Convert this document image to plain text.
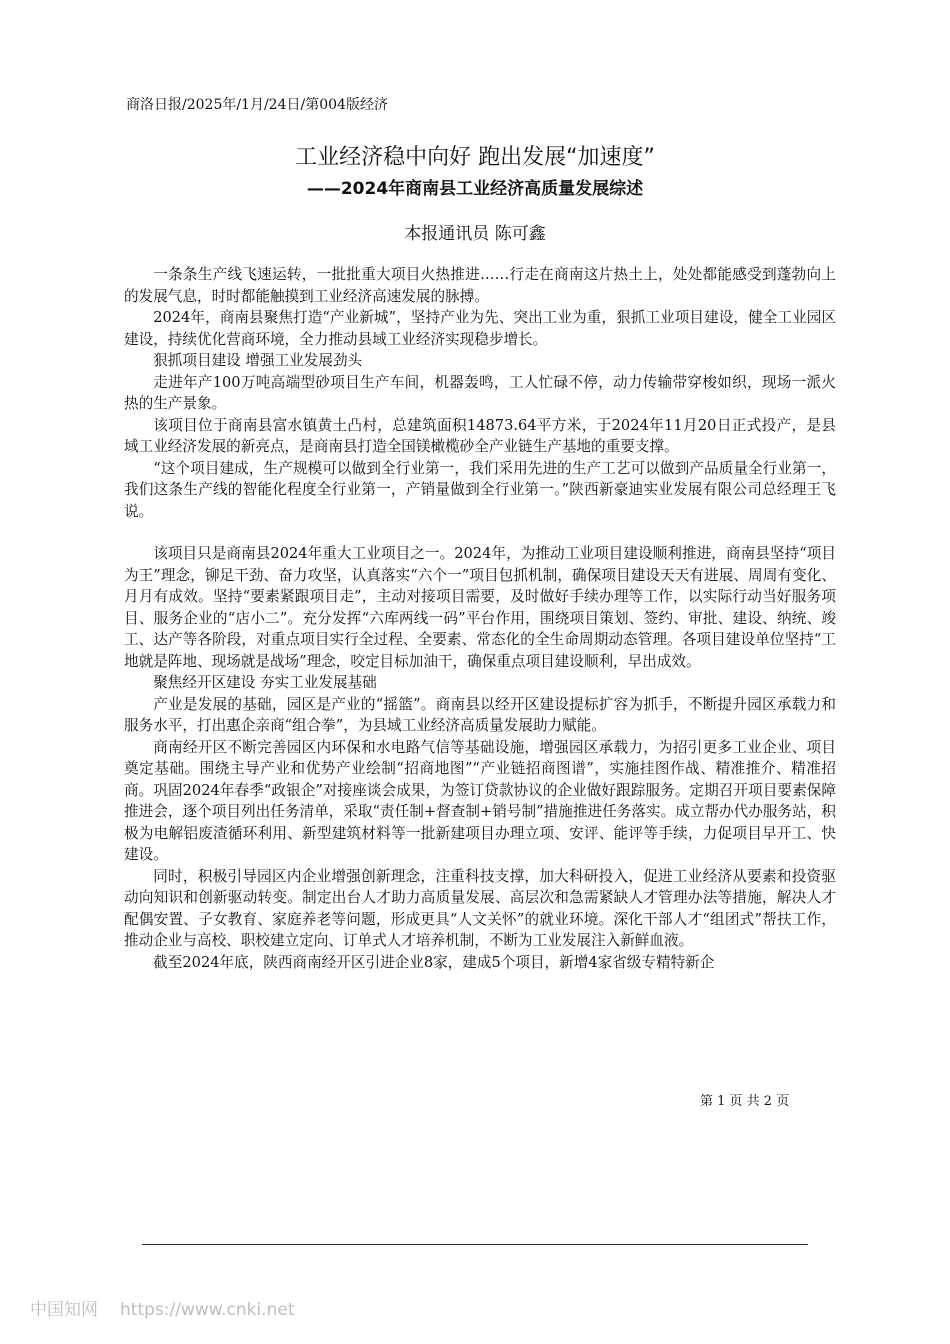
商洛日报/2025年/1月/24日/第004版经济
工业经济稳中向好 跑出发展“加速度”
——2024年商南县工业经济高质量发展综述
本报通讯员 陈可鑫

一条条生产线飞速运转，一批批重大项目火热推进……行走在商南这片热土上，处处都能感受到蓬勃向上的发展气息，时时都能触摸到工业经济高速发展的脉搏。

2024年，商南县聚焦打造“产业新城”，坚持产业为先、突出工业为重，狠抓工业项目建设，健全工业园区建设，持续优化营商环境，全力推动县域工业经济实现稳步增长。

狠抓项目建设 增强工业发展劲头

走进年产100万吨高端型砂项目生产车间，机器轰鸣，工人忙碌不停，动力传输带穿梭如织，现场一派火热的生产景象。

该项目位于商南县富水镇黄土凸村，总建筑面积14873.64平方米，于2024年11月20日正式投产，是县域工业经济发展的新亮点，是商南县打造全国镁橄榄砂全产业链生产基地的重要支撑。

“这个项目建成，生产规模可以做到全行业第一，我们采用先进的生产工艺可以做到产品质量全行业第一，我们这条生产线的智能化程度全行业第一，产销量做到全行业第一。”陕西新豪迪实业发展有限公司总经理王飞说。

该项目只是商南县2024年重大工业项目之一。2024年，为推动工业项目建设顺利推进，商南县坚持“项目为王”理念，铆足干劲、奋力攻坚，认真落实“六个一”项目包抓机制，确保项目建设天天有进展、周周有变化、月月有成效。坚持“要素紧跟项目走”，主动对接项目需要，及时做好手续办理等工作，以实际行动当好服务项目、服务企业的“店小二”。充分发挥“六库两线一码”平台作用，围绕项目策划、签约、审批、建设、纳统、竣工、达产等各阶段，对重点项目实行全过程、全要素、常态化的全生命周期动态管理。各项目建设单位坚持“工地就是阵地、现场就是战场”理念，咬定目标加油干，确保重点项目建设顺利，早出成效。

聚焦经开区建设 夯实工业发展基础

产业是发展的基础，园区是产业的“摇篮”。商南县以经开区建设提标扩容为抓手，不断提升园区承载力和服务水平，打出惠企亲商“组合拳”，为县域工业经济高质量发展助力赋能。

商南经开区不断完善园区内环保和水电路气信等基础设施，增强园区承载力，为招引更多工业企业、项目奠定基础。围绕主导产业和优势产业绘制“招商地图”“产业链招商图谱”，实施挂图作战、精准推介、精准招商。巩固2024年春季“政银企”对接座谈会成果，为签订贷款协议的企业做好跟踪服务。定期召开项目要素保障推进会，逐个项目列出任务清单，采取“责任制+督查制+销号制”措施推进任务落实。成立帮办代办服务站，积极为电解铝废渣循环利用、新型建筑材料等一批新建项目办理立项、安评、能评等手续，力促项目早开工、快建设。

同时，积极引导园区内企业增强创新理念，注重科技支撑，加大科研投入，促进工业经济从要素和投资驱动向知识和创新驱动转变。制定出台人才助力高质量发展、高层次和急需紧缺人才管理办法等措施，解决人才配偶安置、子女教育、家庭养老等问题，形成更具“人文关怀”的就业环境。深化干部人才“组团式”帮扶工作，推动企业与高校、职校建立定向、订单式人才培养机制，不断为工业发展注入新鲜血液。

截至2024年底，陕西商南经开区引进企业8家，建成5个项目，新增4家省级专精特新企

第 1 页 共 2 页
中国知网 https://www.cnki.net
